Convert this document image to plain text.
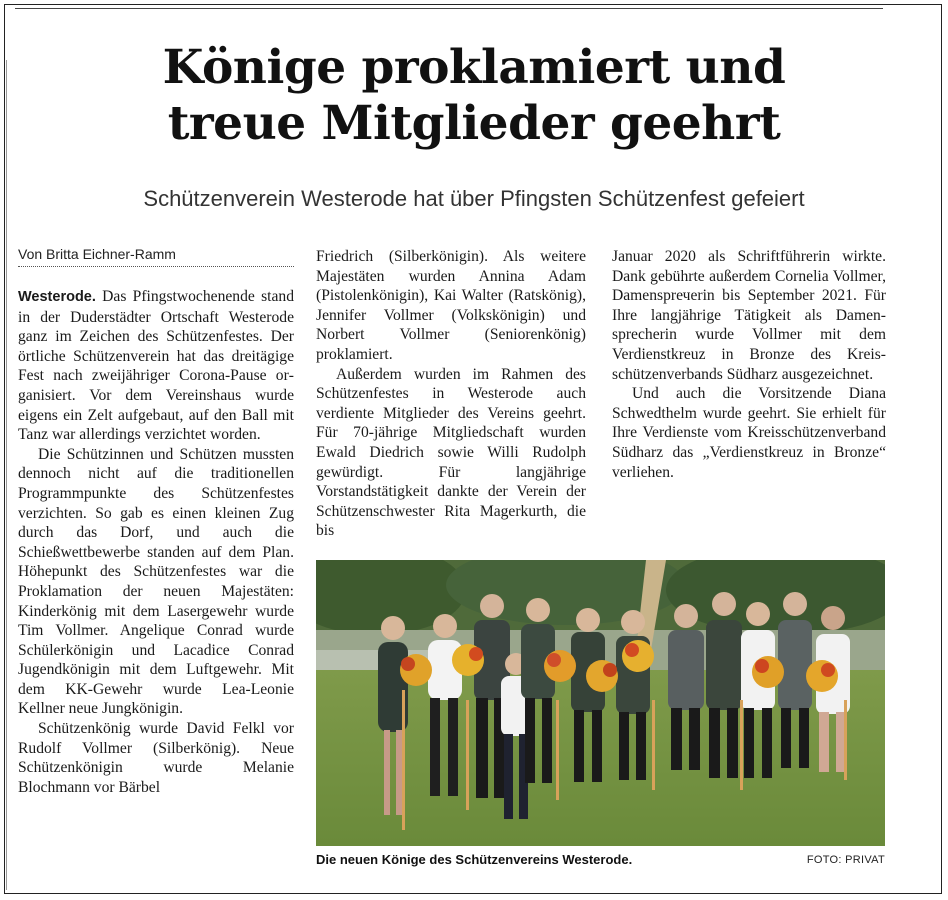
Könige proklamiert und
treue Mitglieder geehrt
Schützenverein Westerode hat über Pfingsten Schützenfest gefeiert
Von Britta Eichner-Ramm

Westerode. Das Pfingstwochenende stand in der Duderstädter Ortschaft Westerode ganz im Zeichen des Schützenfestes. Der örtliche Schützenverein hat das dreitägige Fest nach zweijähriger Corona-Pause organisiert. Vor dem Vereinshaus wurde eigens ein Zelt aufgebaut, auf den Ball mit Tanz war allerdings verzichtet worden.

Die Schützinnen und Schützen mussten dennoch nicht auf die traditionellen Programmpunkte des Schützenfestes verzichten. So gab es einen kleinen Zug durch das Dorf, und auch die Schießwettbewerbe standen auf dem Plan. Höhepunkt des Schützenfestes war die Proklamation der neuen Majestäten: Kinderkönig mit dem Lasergewehr wurde Tim Vollmer. Angelique Conrad wurde Schülerkönigin und Lacadice Conrad Jugendkönigin mit dem Luftgewehr. Mit dem KK-Gewehr wurde Lea-Leonie Kellner neue Jungkönigin.

Schützenkönig wurde David Felkl vor Rudolf Vollmer (Silberkönig). Neue Schützenkönigin wurde Melanie Blochmann vor Bärbel

Friedrich (Silberkönigin). Als weitere Majestäten wurden Annina Adam (Pistolenkönigin), Kai Walter (Ratskönig), Jennifer Vollmer (Volkskönigin) und Norbert Vollmer (Seniorenkönig) proklamiert.

Außerdem wurden im Rahmen des Schützenfestes in Westerode auch verdiente Mitglieder des Vereins geehrt. Für 70-jährige Mitgliedschaft wurden Ewald Diedrich sowie Willi Rudolph gewürdigt. Für langjährige Vorstandstätigkeit dankte der Verein der Schützenschwester Rita Magerkurth, die bis

Januar 2020 als Schriftführerin wirkte. Dank gebührte außerdem Cornelia Vollmer, Damensprечеrin bis September 2021. Für Ihre langjährige Tätigkeit als Damensprecherin wurde Vollmer mit dem Verdienstkreuz in Bronze des Kreisschützenverbands Südharz ausgezeichnet.

Und auch die Vorsitzende Diana Schwedthelm wurde geehrt. Sie erhielt für Ihre Verdienste vom Kreisschützenverband Südharz das „Verdienstkreuz in Bronze“ verliehen.

Die neuen Könige des Schützenvereins Westerode.	FOTO: PRIVAT
